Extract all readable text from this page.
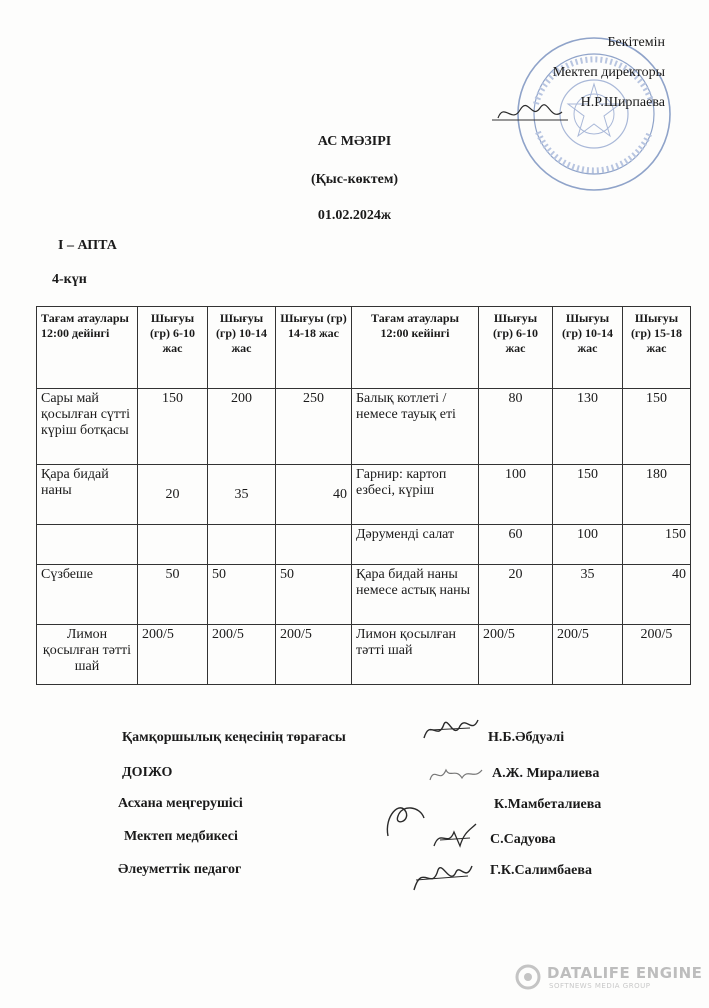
Бекітемін
Мектеп директоры
Н.Р.Ширпаева
АС МӘЗІРІ
(Қыс-көктем)
01.02.2024ж
I – АПТА
4-күн
Тағам атаулары 12:00 дейінгі	Шығуы (гр) 6-10 жас	Шығуы (гр) 10-14 жас	Шығуы (гр) 14-18 жас	Тағам атаулары 12:00 кейінгі	Шығуы (гр) 6-10 жас	Шығуы (гр) 10-14 жас	Шығуы (гр) 15-18 жас
Сары май қосылған сүтті күріш ботқасы	150	200	250	Балық котлеті /немесе тауық еті	80	130	150
Қара бидай наны	20	35	40	Гарнир: картоп езбесі, күріш	100	150	180
				Дәруменді салат	60	100	150
Сүзбеше	50	50	50	Қара бидай наны немесе астық наны	20	35	40
Лимон қосылған тәтті шай	200/5	200/5	200/5	Лимон қосылған тәтті шай	200/5	200/5	200/5
Қамқоршылық кеңесінің төрағасы	Н.Б.Әбдуәлі
ДОІЖО	А.Ж. Миралиева
Асхана меңгерушісі	К.Мамбеталиева
Мектеп медбикесі	С.Садуова
Әлеуметтік педагог	Г.К.Салимбаева
DATALIFE ENGINE
SOFTNEWS MEDIA GROUP
